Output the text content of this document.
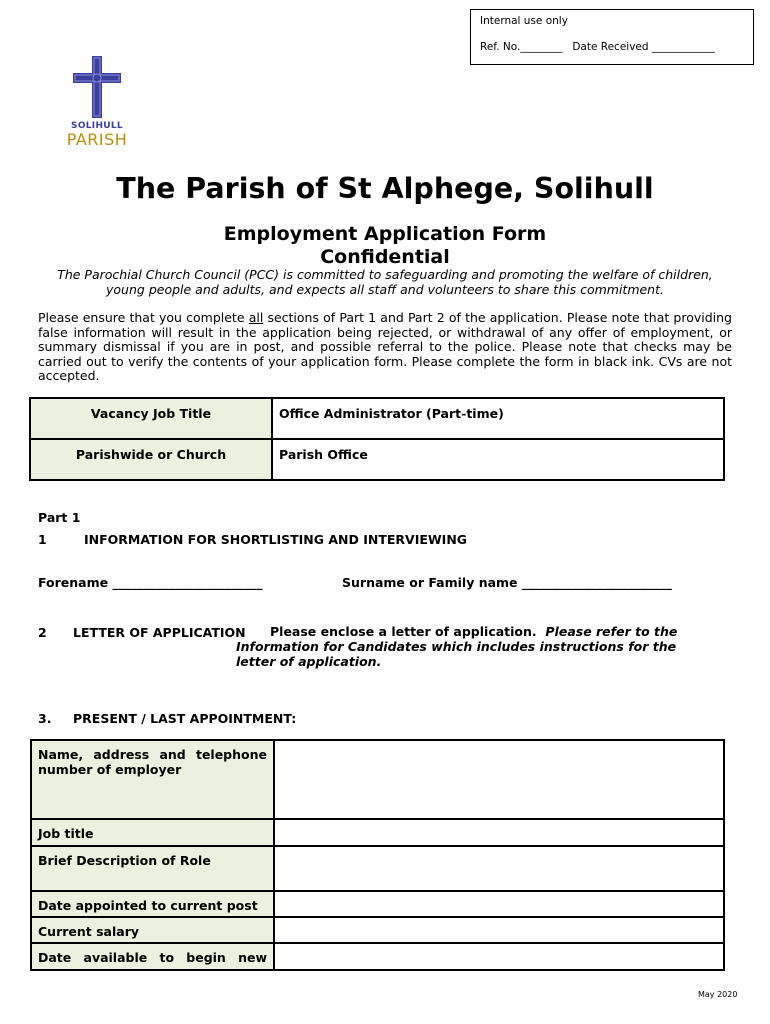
Internal use only
Ref. No.________ Date Received ____________
SOLIHULL
PARISH
The Parish of St Alphege, Solihull
Employment Application Form
Confidential
The Parochial Church Council (PCC) is committed to safeguarding and promoting the welfare of children,
young people and adults, and expects all staff and volunteers to share this commitment.
Please ensure that you complete all sections of Part 1 and Part 2 of the application. Please note that providing false information will result in the application being rejected, or withdrawal of any offer of employment, or summary dismissal if you are in post, and possible referral to the police. Please note that checks may be carried out to verify the contents of your application form. Please complete the form in black ink. CVs are not accepted.
Vacancy Job Title	Office Administrator (Part-time)
Parishwide or Church	Parish Office
Part 1
1	INFORMATION FOR SHORTLISTING AND INTERVIEWING
Forename ________________________	Surname or Family name ________________________
2 LETTER OF APPLICATION	Please enclose a letter of application. Please refer to the Information for Candidates which includes instructions for the letter of application.
3. PRESENT / LAST APPOINTMENT:
Name, address and telephone number of employer	
Job title	
Brief Description of Role	
Date appointed to current post	
Current salary	
Date available to begin new	
May 2020
